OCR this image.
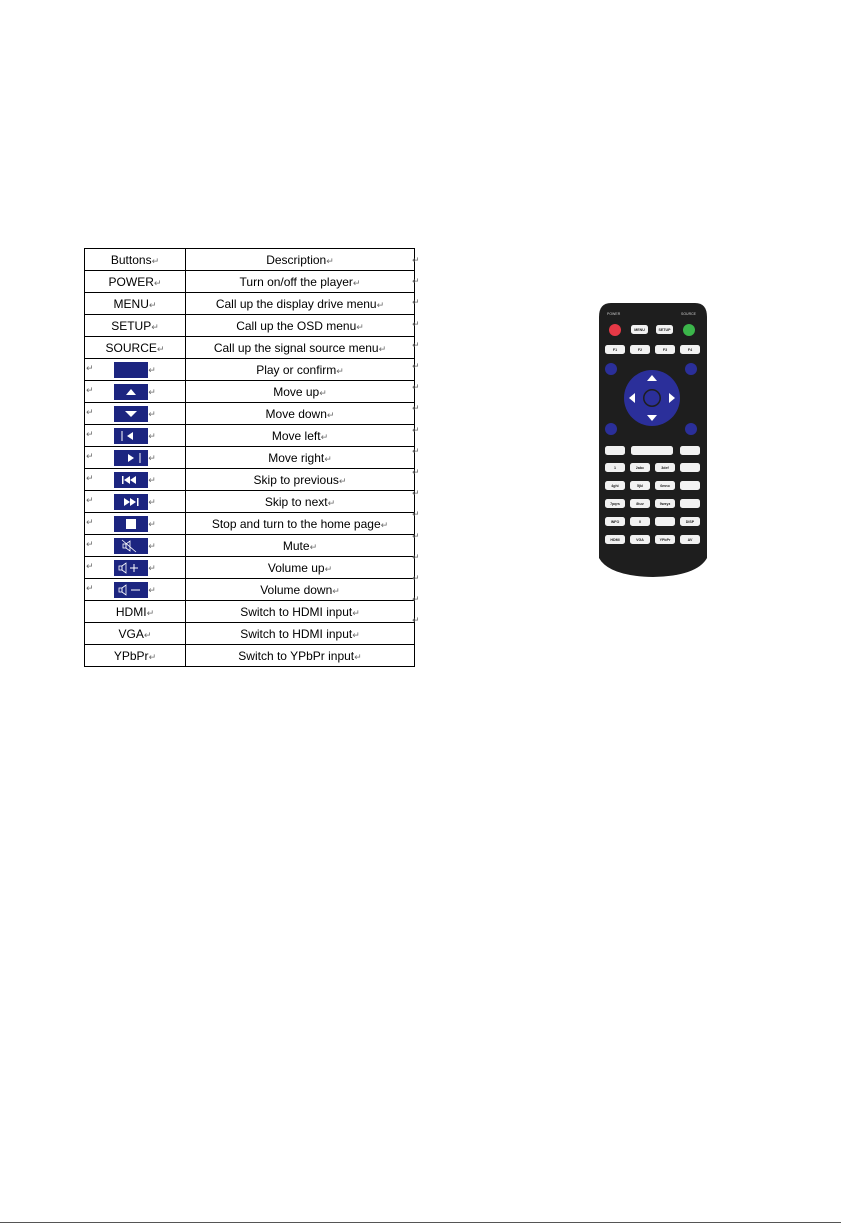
Buttons↵	Description↵
POWER↵	Turn on/off the player↵
MENU↵	Call up the display drive menu↵
SETUP↵	Call up the OSD menu↵
SOURCE↵	Call up the signal source menu↵

↵ ↵	Play or confirm↵

↵ ↵	Move up↵

↵ ↵	Move down↵

↵ ↵	Move left↵

↵ ↵	Move right↵

↵ ↵	Skip to previous↵

↵ ↵	Skip to next↵

↵ ↵	Stop and turn to the home page↵

↵ ↵	Mute↵

↵ ↵	Volume up↵

↵ ↵	Volume down↵
HDMI↵	Switch to HDMI input↵
VGA↵	Switch to HDMI input↵
YPbPr↵	Switch to YPbPr input↵
POWER	SOURCE
MENU	SETUP
F1	F2	F3	F4
1	2abc	3def
4ghi	5jkl	6mno
7pqrs	8tuv	9wxyz
INFO	0	DISP
HDMI	VGA	YPbPr	AV
↵
↵
↵
↵
↵
↵
↵
↵
↵
↵
↵
↵
↵
↵
↵
↵
↵
↵
